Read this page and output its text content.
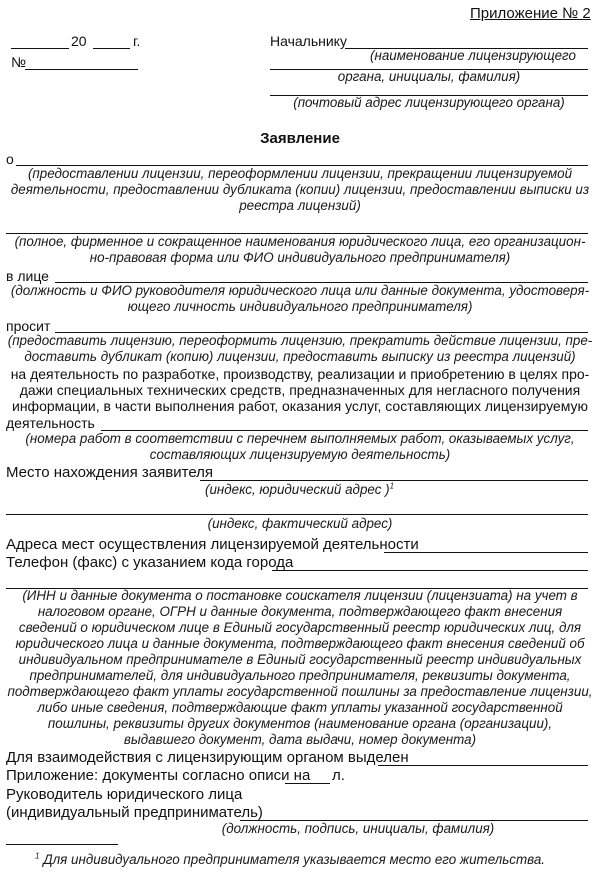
Приложение № 2
20	г.
№
Начальнику
(наименование лицензирующего
органа, инициалы, фамилия)
(почтовый адрес лицензирующего органа)
Заявление
о
(предоставлении лицензии, переоформлении лицензии, прекращении лицензируемой
деятельности, предоставлении дубликата (копии) лицензии, предоставлении выписки из
реестра лицензий)
(полное, фирменное и сокращенное наименования юридического лица, его организацион-
но-правовая форма или ФИО индивидуального предпринимателя)
в лице
(должность и ФИО руководителя юридического лица или данные документа, удостоверя-
ющего личность индивидуального предпринимателя)
просит
(предоставить лицензию, переоформить лицензию, прекратить действие лицензии, пре-
доставить дубликат (копию) лицензии, предоставить выписку из реестра лицензий)
на деятельность по разработке, производству, реализации и приобретению в целях про-
дажи специальных технических средств, предназначенных для негласного получения
информации, в части выполнения работ, оказания услуг, составляющих лицензируемую
деятельность
(номера работ в соответствии с перечнем выполняемых работ, оказываемых услуг,
составляющих лицензируемую деятельность)
Место нахождения заявителя
(индекс, юридический адрес )$^1$
(индекс, фактический адрес)
Адреса мест осуществления лицензируемой деятельности
Телефон (факс) с указанием кода города
(ИНН и данные документа о постановке соискателя лицензии (лицензиата) на учет в
налоговом органе, ОГРН и данные документа, подтверждающего факт внесения
сведений о юридическом лице в Единый государственный реестр юридических лиц, для
юридического лица и данные документа, подтверждающего факт внесения сведений об
индивидуальном предпринимателе в Единый государственный реестр индивидуальных
предпринимателей, для индивидуального предпринимателя, реквизиты документа,
подтверждающего факт уплаты государственной пошлины за предоставление лицензии,
либо иные сведения, подтверждающие факт уплаты указанной государственной
пошлины, реквизиты других документов (наименование органа (организации),
выдавшего документ, дата выдачи, номер документа)
Для взаимодействия с лицензирующим органом выделен
Приложение: документы согласно описи на л.
Руководитель юридического лица
(индивидуальный предприниматель)
(должность, подпись, инициалы, фамилия)
$^1$ Для индивидуального предпринимателя указывается место его жительства.
